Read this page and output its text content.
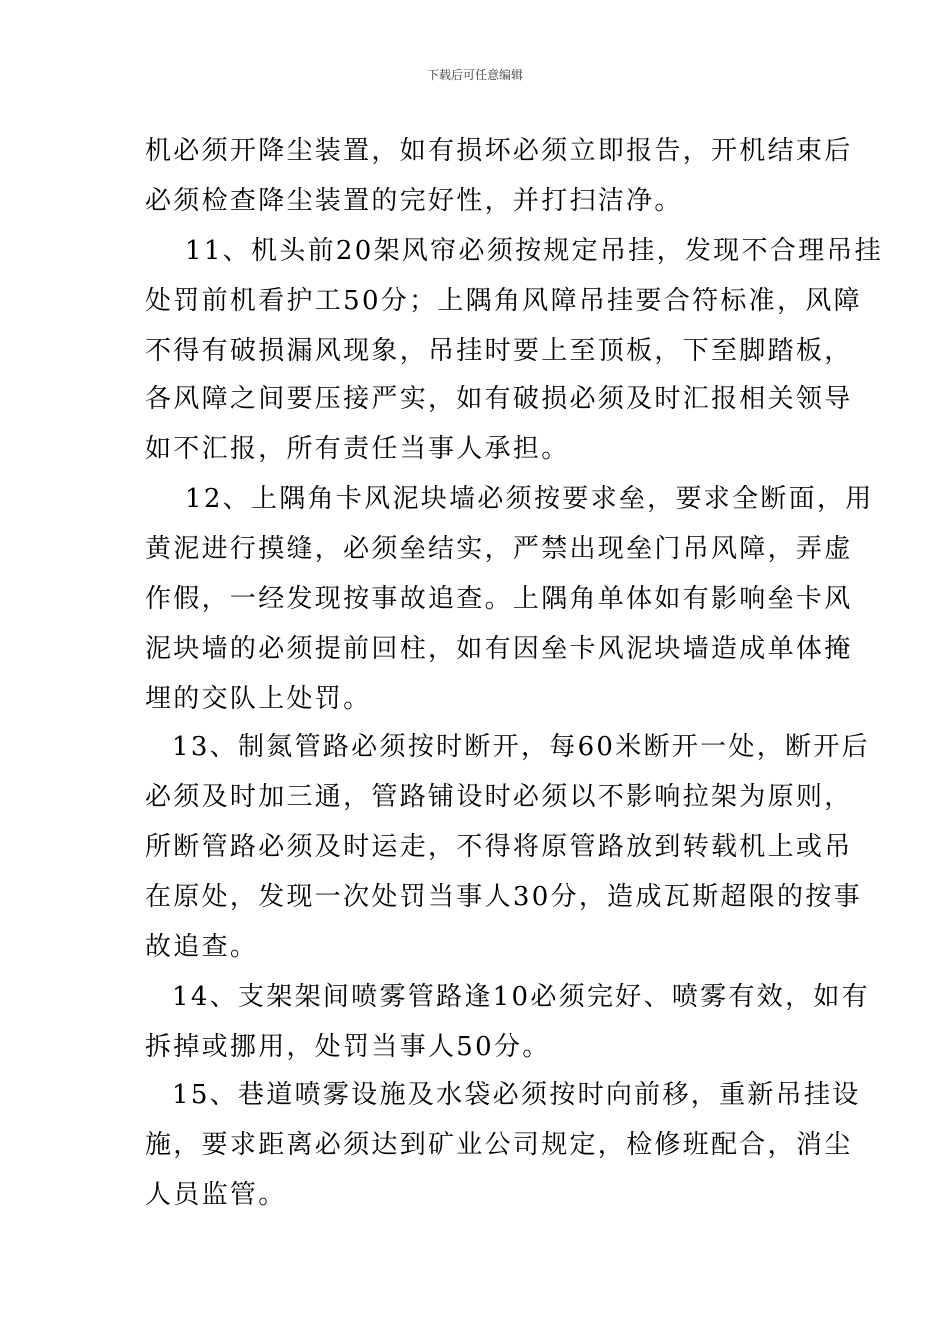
下载后可任意编辑
机必须开降尘装置，如有损坏必须立即报告，开机结束后
必须检查降尘装置的完好性，并打扫洁净。
11、机头前20架风帘必须按规定吊挂，发现不合理吊挂
处罚前机看护工50分；上隅角风障吊挂要合符标准，风障
不得有破损漏风现象，吊挂时要上至顶板，下至脚踏板，
各风障之间要压接严实，如有破损必须及时汇报相关领导
如不汇报，所有责任当事人承担。
12、上隅角卡风泥块墙必须按要求垒，要求全断面，用
黄泥进行摸缝，必须垒结实，严禁出现垒门吊风障，弄虚
作假，一经发现按事故追查。上隅角单体如有影响垒卡风
泥块墙的必须提前回柱，如有因垒卡风泥块墙造成单体掩
埋的交队上处罚。
13、制氮管路必须按时断开，每60米断开一处，断开后
必须及时加三通，管路铺设时必须以不影响拉架为原则，
所断管路必须及时运走，不得将原管路放到转载机上或吊
在原处，发现一次处罚当事人30分，造成瓦斯超限的按事
故追查。
14、支架架间喷雾管路逢10必须完好、喷雾有效，如有
拆掉或挪用，处罚当事人50分。
15、巷道喷雾设施及水袋必须按时向前移，重新吊挂设
施，要求距离必须达到矿业公司规定，检修班配合，消尘
人员监管。
